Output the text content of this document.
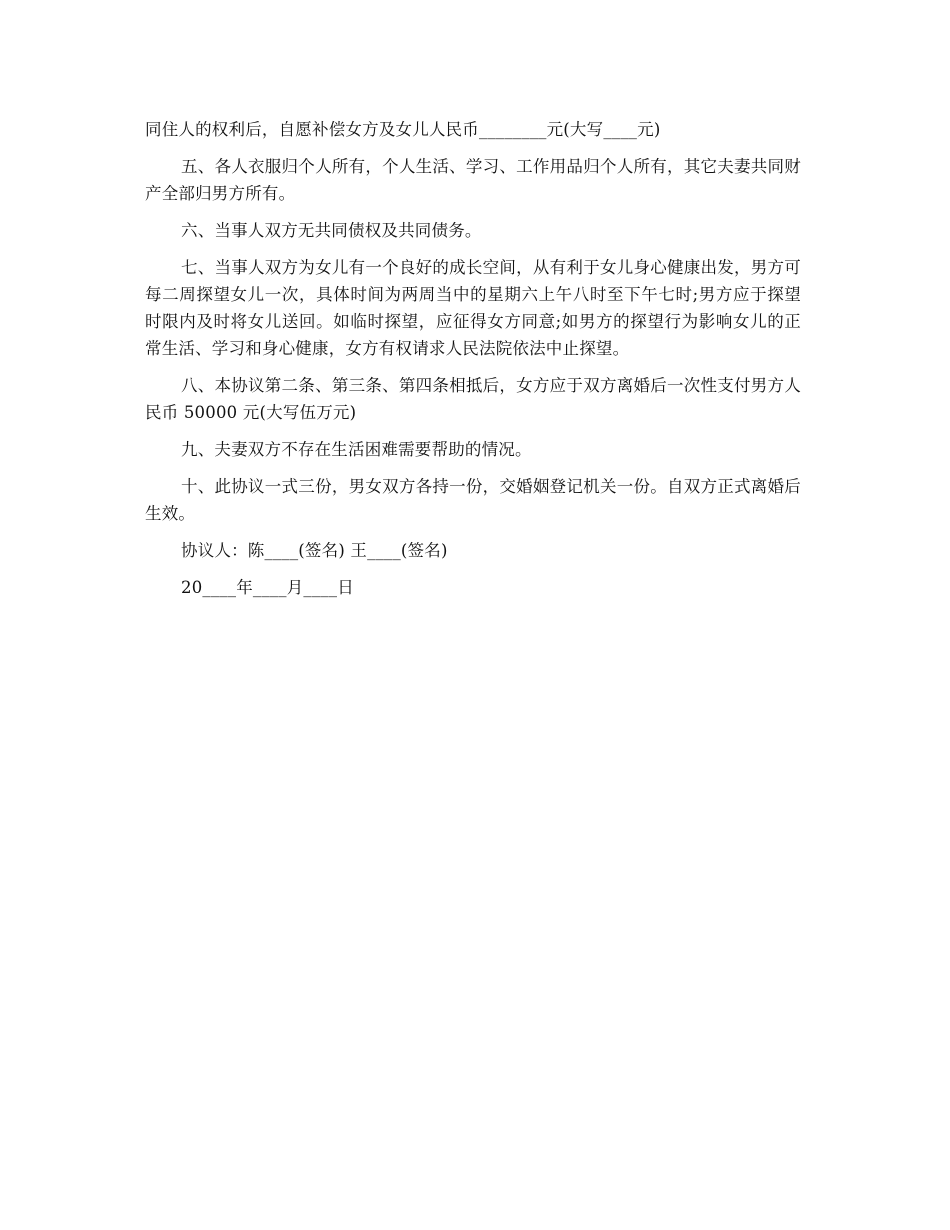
同住人的权利后，自愿补偿女方及女儿人民币________元(大写____元)

五、各人衣服归个人所有，个人生活、学习、工作用品归个人所有，其它夫妻共同财产全部归男方所有。

六、当事人双方无共同债权及共同债务。

七、当事人双方为女儿有一个良好的成长空间，从有利于女儿身心健康出发，男方可每二周探望女儿一次，具体时间为两周当中的星期六上午八时至下午七时;男方应于探望时限内及时将女儿送回。如临时探望，应征得女方同意;如男方的探望行为影响女儿的正常生活、学习和身心健康，女方有权请求人民法院依法中止探望。

八、本协议第二条、第三条、第四条相抵后，女方应于双方离婚后一次性支付男方人民币 50000 元(大写伍万元)

九、夫妻双方不存在生活困难需要帮助的情况。

十、此协议一式三份，男女双方各持一份，交婚姻登记机关一份。自双方正式离婚后生效。

协议人：陈____(签名) 王____(签名)

20____年____月____日
